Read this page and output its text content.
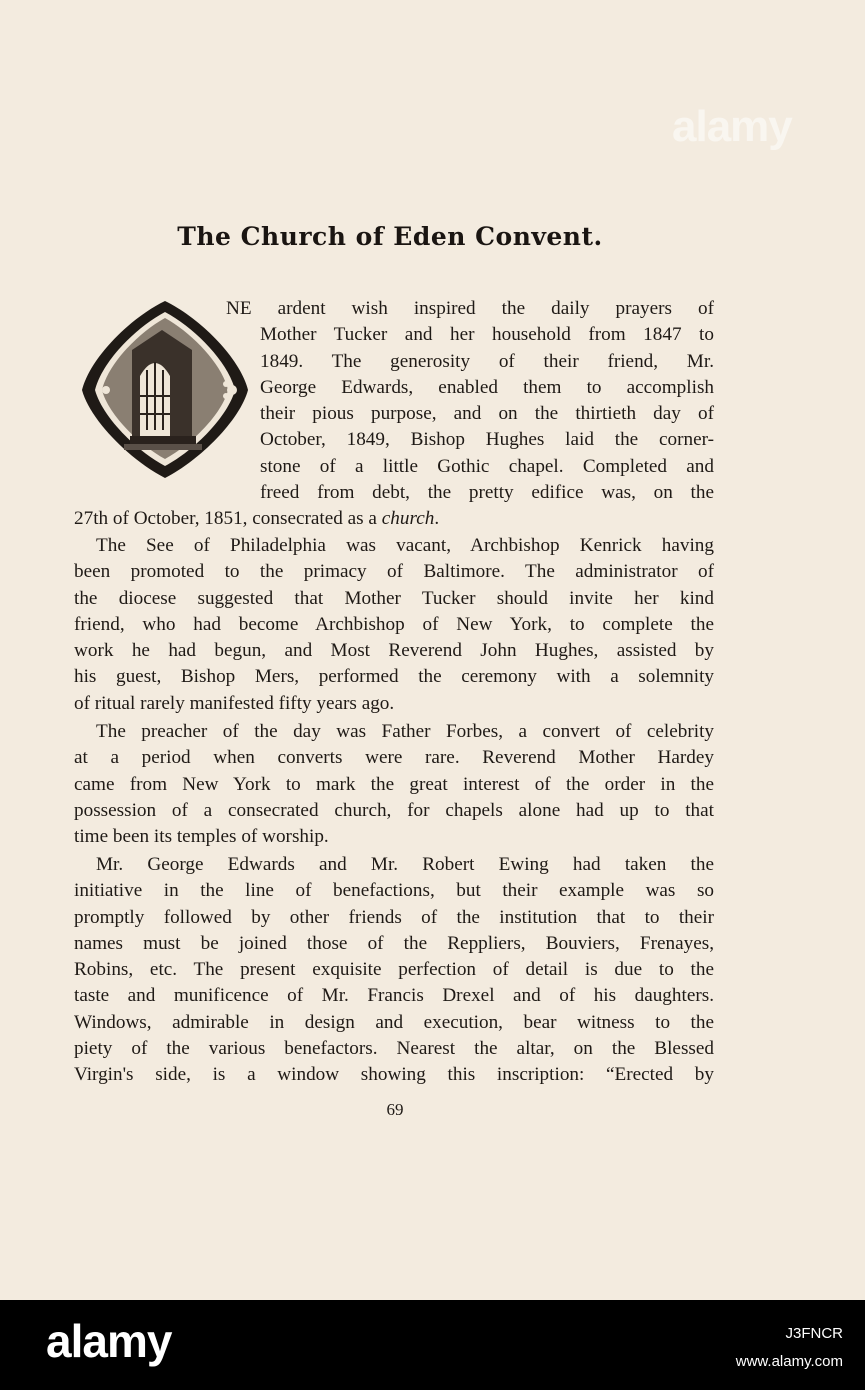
alamy
The Church of Eden Convent.
NE ardent wish inspired the daily prayers of
Mother Tucker and her household from 1847 to
1849. The generosity of their friend, Mr.
George Edwards, enabled them to accomplish
their pious purpose, and on the thirtieth day of
October, 1849, Bishop Hughes laid the corner-
stone of a little Gothic chapel. Completed and
freed from debt, the pretty edifice was, on the
27th of October, 1851, consecrated as a church.
The See of Philadelphia was vacant, Archbishop Kenrick having
been promoted to the primacy of Baltimore. The administrator of
the diocese suggested that Mother Tucker should invite her kind
friend, who had become Archbishop of New York, to complete the
work he had begun, and Most Reverend John Hughes, assisted by
his guest, Bishop Mers, performed the ceremony with a solemnity
of ritual rarely manifested fifty years ago.
The preacher of the day was Father Forbes, a convert of celebrity
at a period when converts were rare. Reverend Mother Hardey
came from New York to mark the great interest of the order in the
possession of a consecrated church, for chapels alone had up to that
time been its temples of worship.
Mr. George Edwards and Mr. Robert Ewing had taken the
initiative in the line of benefactions, but their example was so
promptly followed by other friends of the institution that to their
names must be joined those of the Reppliers, Bouviers, Frenayes,
Robins, etc. The present exquisite perfection of detail is due to the
taste and munificence of Mr. Francis Drexel and of his daughters.
Windows, admirable in design and execution, bear witness to the
piety of the various benefactors. Nearest the altar, on the Blessed
Virgin's side, is a window showing this inscription: “Erected by
69
alamy	J3FNCR
www.alamy.com
